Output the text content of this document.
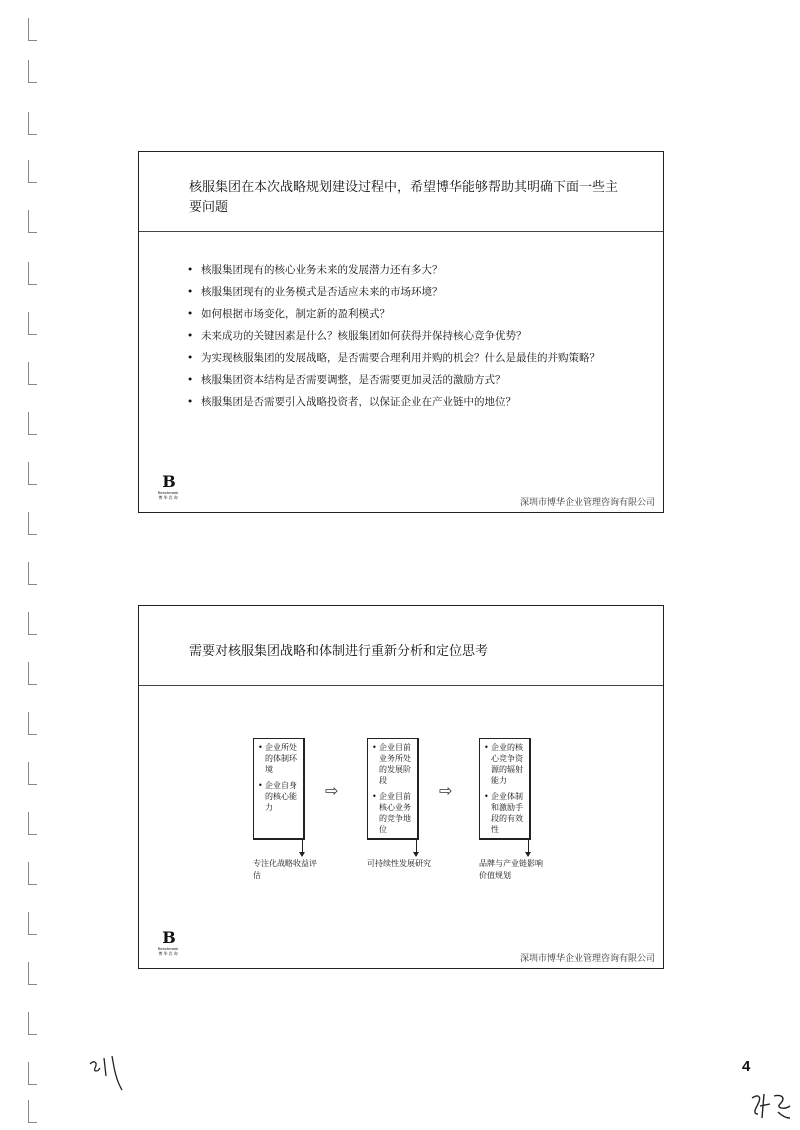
核服集团在本次战略规划建设过程中，希望博华能够帮助其明确下面一些主要问题
• 核服集团现有的核心业务未来的发展潜力还有多大？
• 核服集团现有的业务模式是否适应未来的市场环境？
• 如何根据市场变化，制定新的盈利模式？
• 未来成功的关键因素是什么？核服集团如何获得并保持核心竞争优势？
• 为实现核服集团的发展战略，是否需要合理利用并购的机会？什么是最佳的并购策略？
• 核服集团资本结构是否需要调整，是否需要更加灵活的激励方式？
• 核服集团是否需要引入战略投资者，以保证企业在产业链中的地位？
B
Benchmark
博 华 咨 询
深圳市博华企业管理咨询有限公司
需要对核服集团战略和体制进行重新分析和定位思考
• 企业所处的体制环境
• 企业自身的核心能力
专注化战略收益评估
⇨
• 企业目前业务所处的发展阶段
• 企业目前核心业务的竞争地位
可持续性发展研究
⇨
• 企业的核心竞争资源的辐射能力
• 企业体制和激励手段的有效性
品牌与产业链影响价值规划
B
Benchmark
博 华 咨 询
深圳市博华企业管理咨询有限公司
4
